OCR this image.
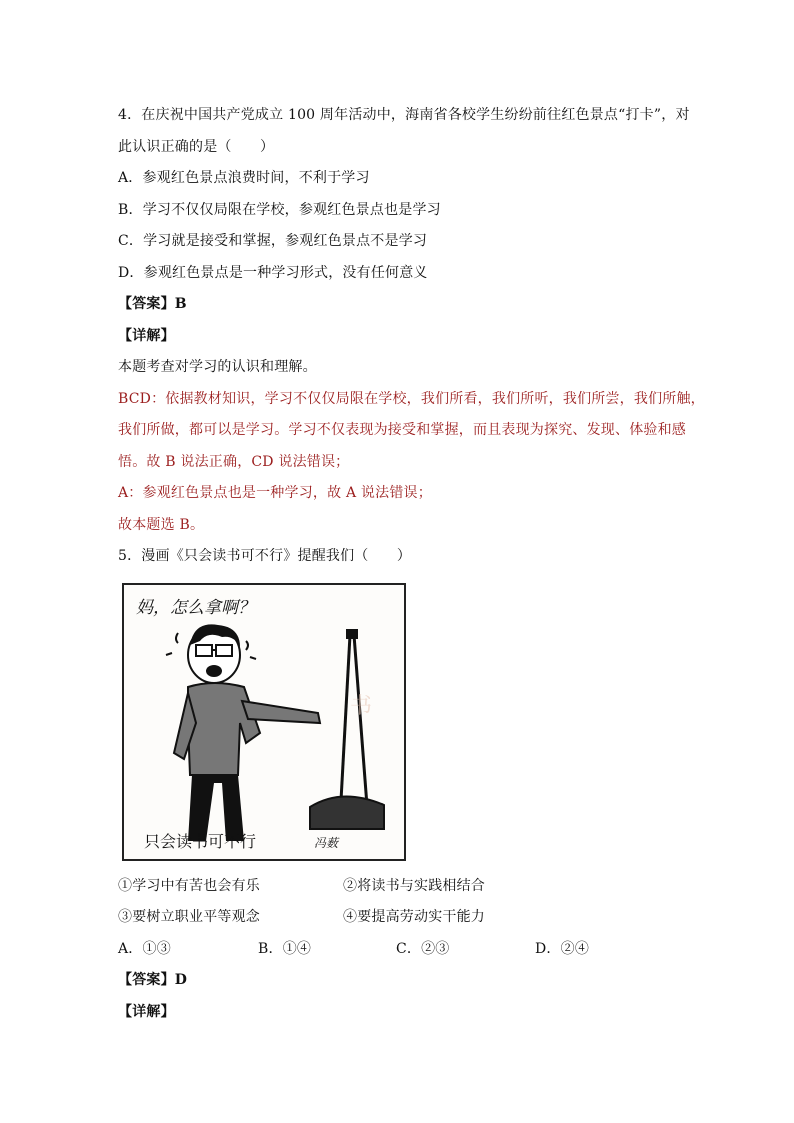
4．在庆祝中国共产党成立 100 周年活动中，海南省各校学生纷纷前往红色景点“打卡”，对
此认识正确的是（　　）
A．参观红色景点浪费时间，不利于学习
B．学习不仅仅局限在学校，参观红色景点也是学习
C．学习就是接受和掌握，参观红色景点不是学习
D．参观红色景点是一种学习形式，没有任何意义
【答案】B
【详解】
本题考查对学习的认识和理解。
BCD：依据教材知识，学习不仅仅局限在学校，我们所看，我们所听，我们所尝，我们所触，
我们所做，都可以是学习。学习不仅表现为接受和掌握，而且表现为探究、发现、体验和感
悟。故 B 说法正确，CD 说法错误；
A：参观红色景点也是一种学习，故 A 说法错误；
故本题选 B。
5．漫画《只会读书可不行》提醒我们（　　）
妈，怎么拿啊？
书
只会读书可不行	冯薮
①学习中有苦也会有乐	②将读书与实践相结合
③要树立职业平等观念	④要提高劳动实干能力
A．①③	B．①④	C．②③	D．②④
【答案】D
【详解】
